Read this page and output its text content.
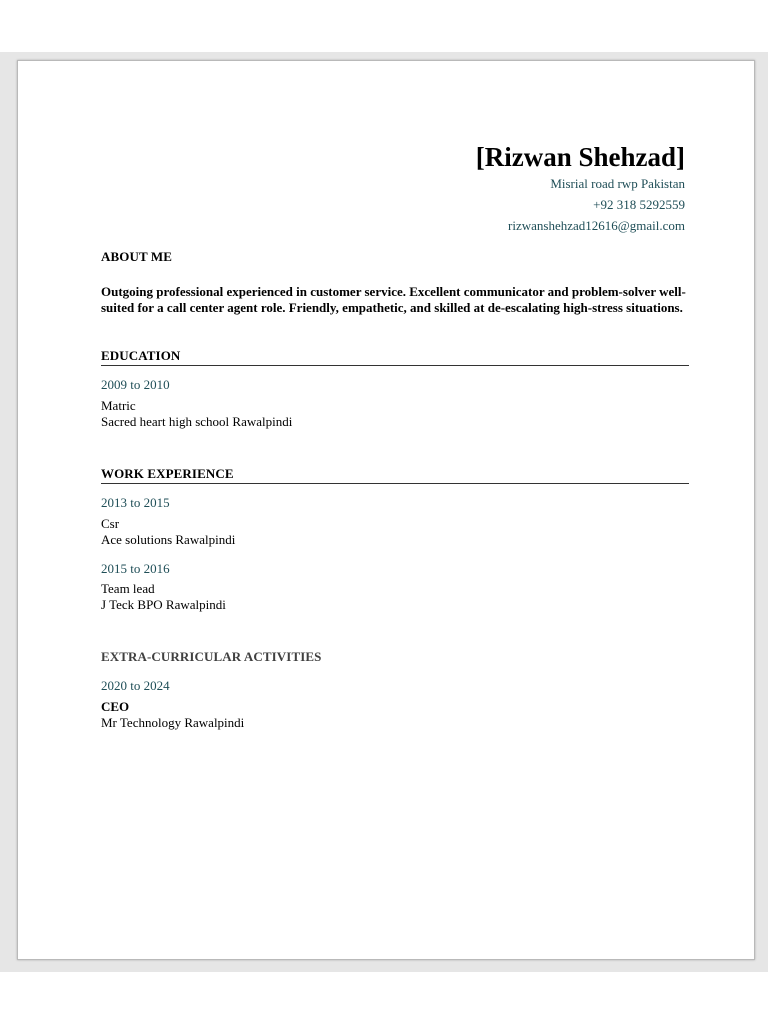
[Rizwan Shehzad]
Misrial road rwp Pakistan
+92 318 5292559
rizwanshehzad12616@gmail.com
ABOUT ME
Outgoing professional experienced in customer service. Excellent communicator and problem-solver well-suited for a call center agent role. Friendly, empathetic, and skilled at de-escalating high-stress situations.
EDUCATION
2009 to 2010
Matric
Sacred heart high school Rawalpindi
WORK EXPERIENCE
2013 to 2015
Csr
Ace solutions Rawalpindi
2015 to 2016
Team lead
J Teck BPO Rawalpindi
EXTRA-CURRICULAR ACTIVITIES
2020 to 2024
CEO
Mr Technology Rawalpindi
